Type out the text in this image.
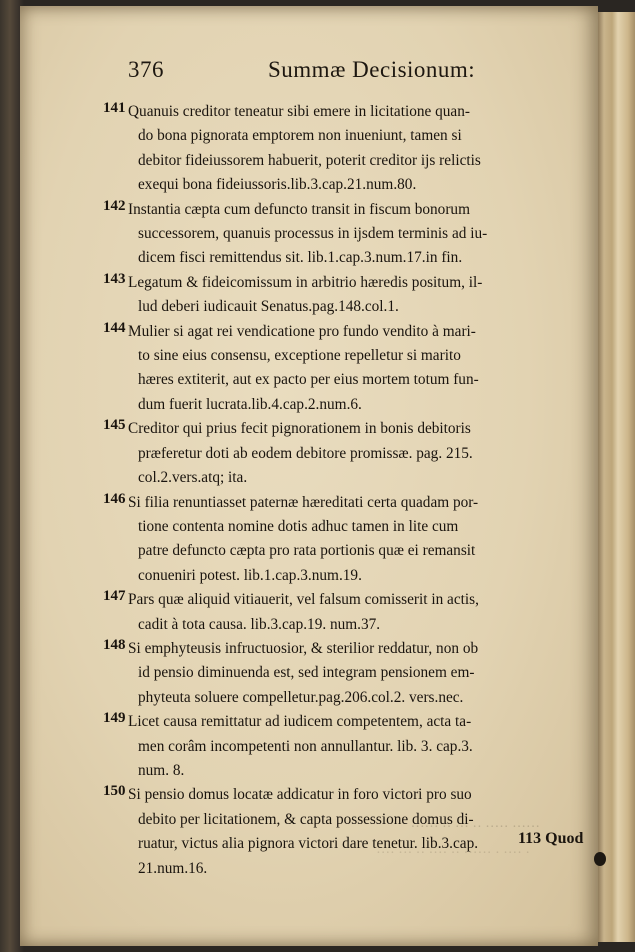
······ ····· ·· ··· ·· ······
· ···· · ······ ·· ···· ·· ··· ····
376	Summæ Decisionum:
141 Quanuis creditor teneatur sibi emere in licitatione quan-
do bona pignorata emptorem non inueniunt, tamen si
debitor fideiussorem habuerit, poterit creditor ijs relictis
exequi bona fideiussoris.lib.3.cap.21.num.80.
142 Instantia cæpta cum defuncto transit in fiscum bonorum
successorem, quanuis processus in ijsdem terminis ad iu-
dicem fisci remittendus sit. lib.1.cap.3.num.17.in fin.
143 Legatum & fideicomissum in arbitrio hæredis positum, il-
lud deberi iudicauit Senatus.pag.148.col.1.
144 Mulier si agat rei vendicatione pro fundo vendito à mari-
to sine eius consensu, exceptione repelletur si marito
hæres extiterit, aut ex pacto per eius mortem totum fun-
dum fuerit lucrata.lib.4.cap.2.num.6.
145 Creditor qui prius fecit pignorationem in bonis debitoris
præferetur doti ab eodem debitore promissæ. pag. 215.
col.2.vers.atq; ita.
146 Si filia renuntiasset paternæ hæreditati certa quadam por-
tione contenta nomine dotis adhuc tamen in lite cum
patre defuncto cæpta pro rata portionis quæ ei remansit
conueniri potest. lib.1.cap.3.num.19.
147 Pars quæ aliquid vitiauerit, vel falsum comisserit in actis,
cadit à tota causa. lib.3.cap.19. num.37.
148 Si emphyteusis infructuosior, & sterilior reddatur, non ob
id pensio diminuenda est, sed integram pensionem em-
phyteuta soluere compelletur.pag.206.col.2. vers.nec.
149 Licet causa remittatur ad iudicem competentem, acta ta-
men corâm incompetenti non annullantur. lib. 3. cap.3.
num. 8.
150 Si pensio domus locatæ addicatur in foro victori pro suo
debito per licitationem, & capta possessione domus di-
ruatur, victus alia pignora victori dare tenetur. lib.3.cap.
21.num.16.
113 Quod
